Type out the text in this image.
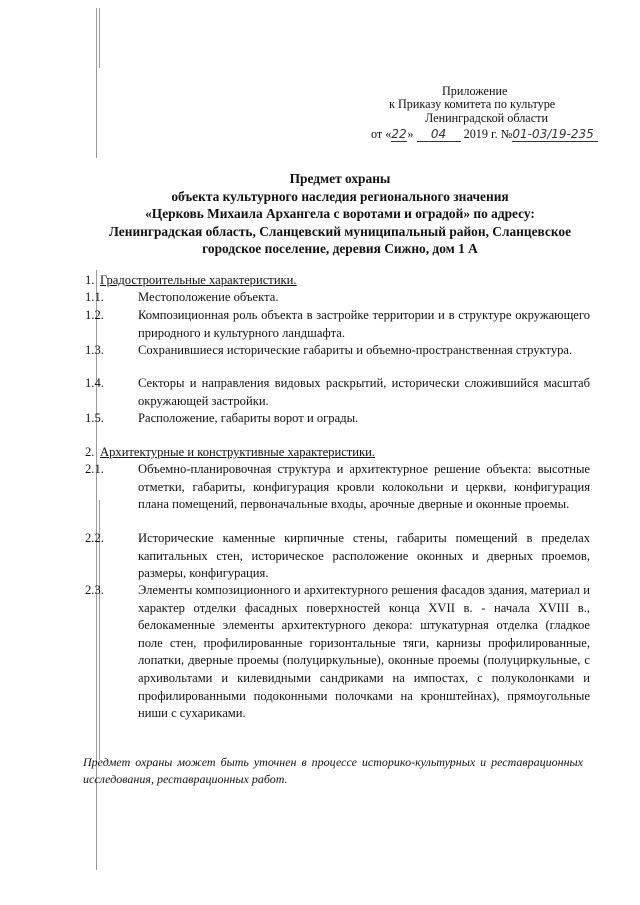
Приложение
к Приказу комитета по культуре
Ленинградской области
от «22» 04 2019 г. №01-03/19-235
Предмет охраны
объекта культурного наследия регионального значения
«Церковь Михаила Архангела с воротами и оградой» по адресу:
Ленинградская область, Сланцевский муниципальный район, Сланцевское
городское поселение, деревия Сижно, дом 1 А
1. Градостроительные характеристики.
1.1.	Местоположение объекта.
1.2.	Композиционная роль объекта в застройке территории и в структуре окружающего природного и культурного ландшафта.
1.3.	Сохранившиеся исторические габариты и объемно-пространственная структура.
1.4.	Секторы и направления видовых раскрытий, исторически сложившийся масштаб окружающей застройки.
1.5.	Расположение, габариты ворот и ограды.
2. Архитектурные и конструктивные характеристики.
2.1.	Объемно-планировочная структура и архитектурное решение объекта: высотные отметки, габариты, конфигурация кровли колокольни и церкви, конфигурация плана помещений, первоначальные входы, арочные дверные и оконные проемы.
2.2.	Исторические каменные кирпичные стены, габариты помещений в пределах капитальных стен, историческое расположение оконных и дверных проемов, размеры, конфигурация.
2.3.	Элементы композиционного и архитектурного решения фасадов здания, материал и характер отделки фасадных поверхностей конца XVII в. - начала XVIII в., белокаменные элементы архитектурного декора: штукатурная отделка (гладкое поле стен, профилированные горизонтальные тяги, карнизы профилированные, лопатки, дверные проемы (полуциркульные), оконные проемы (полуциркульные, с архивольтами и килевидными сандриками на импостах, с полуколонками и профилированными подоконными полочками на кронштейнах), прямоугольные ниши с сухариками.
Предмет охраны может быть уточнен в процессе историко-культурных и реставрационных исследования, реставрационных работ.
